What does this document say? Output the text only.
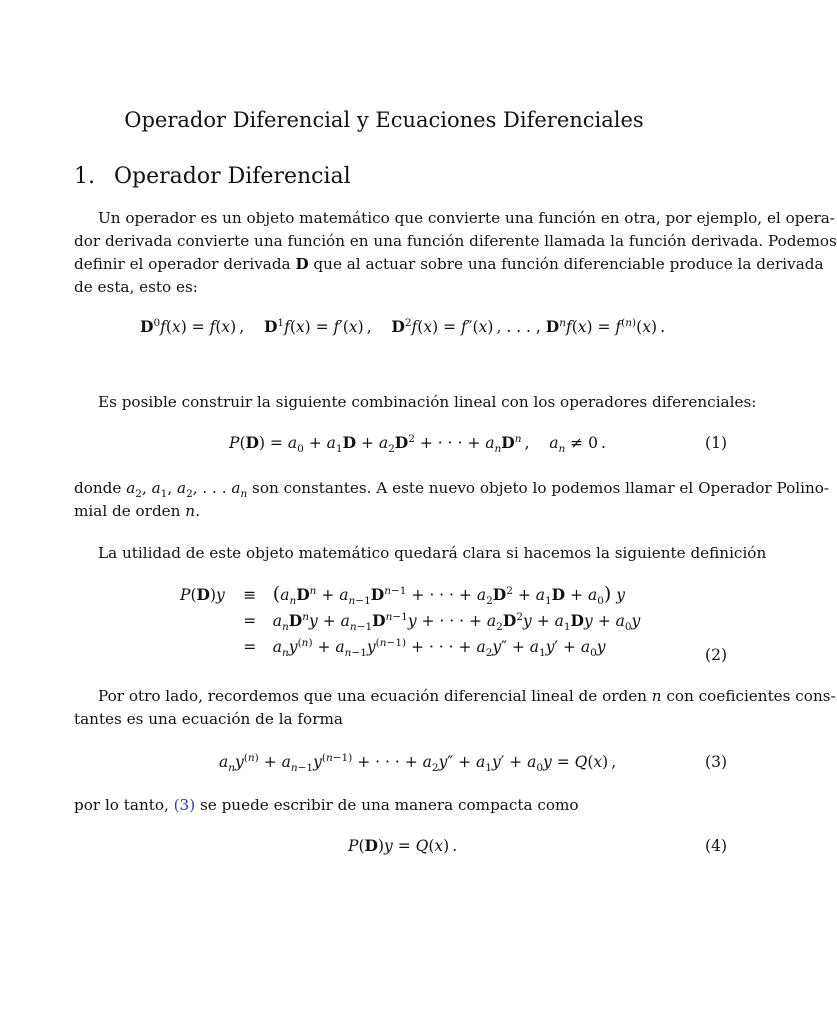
Operador Diferencial y Ecuaciones Diferenciales
1. Operador Diferencial
Un operador es un objeto matemático que convierte una función en otra, por ejemplo, el opera-
dor derivada convierte una función en una función diferente llamada la función derivada. Podemos
definir el operador derivada D que al actuar sobre una función diferenciable produce la derivada
de esta, esto es:
$D^0f(x) = f(x)$ ,    $D^1f(x) = f'(x)$ ,    $D^2f(x) = f''(x)$ , . . . , $D^nf(x) = f^{(n)}(x)$ .
Es posible construir la siguiente combinación lineal con los operadores diferenciales:
$P(D) = a_0 + a_1D + a_2D^2$ + · · · + $a_nD^n$ ,    $a_n \ne 0$ .	(1)
donde $a_2$, $a_1$, $a_2$, . . . $a_n$ son constantes. A este nuevo objeto lo podemos llamar el Operador Polino-
mial de orden n.
La utilidad de este objeto matemático quedará clara si hacemos la siguiente definición
P(D)y	≡	($a_nD^n + a_{n-1}D^{n-1}$ + · · · + $a_2D^2 + a_1D + a_0$) y
	=	$a_nD^ny + a_{n-1}D^{n-1}y$ + · · · + $a_2D^2y + a_1Dy + a_0y$
	=	$a_ny^{(n)} + a_{n-1}y^{(n-1)}$ + · · · + $a_2y'' + a_1y' + a_0y$	(2)
Por otro lado, recordemos que una ecuación diferencial lineal de orden n con coeficientes cons-
tantes es una ecuación de la forma
$a_ny^{(n)} + a_{n-1}y^{(n-1)}$ + · · · + $a_2y'' + a_1y' + a_0y = Q(x)$ ,	(3)
por lo tanto, (3) se puede escribir de una manera compacta como
P(D)y = Q(x) .	(4)
